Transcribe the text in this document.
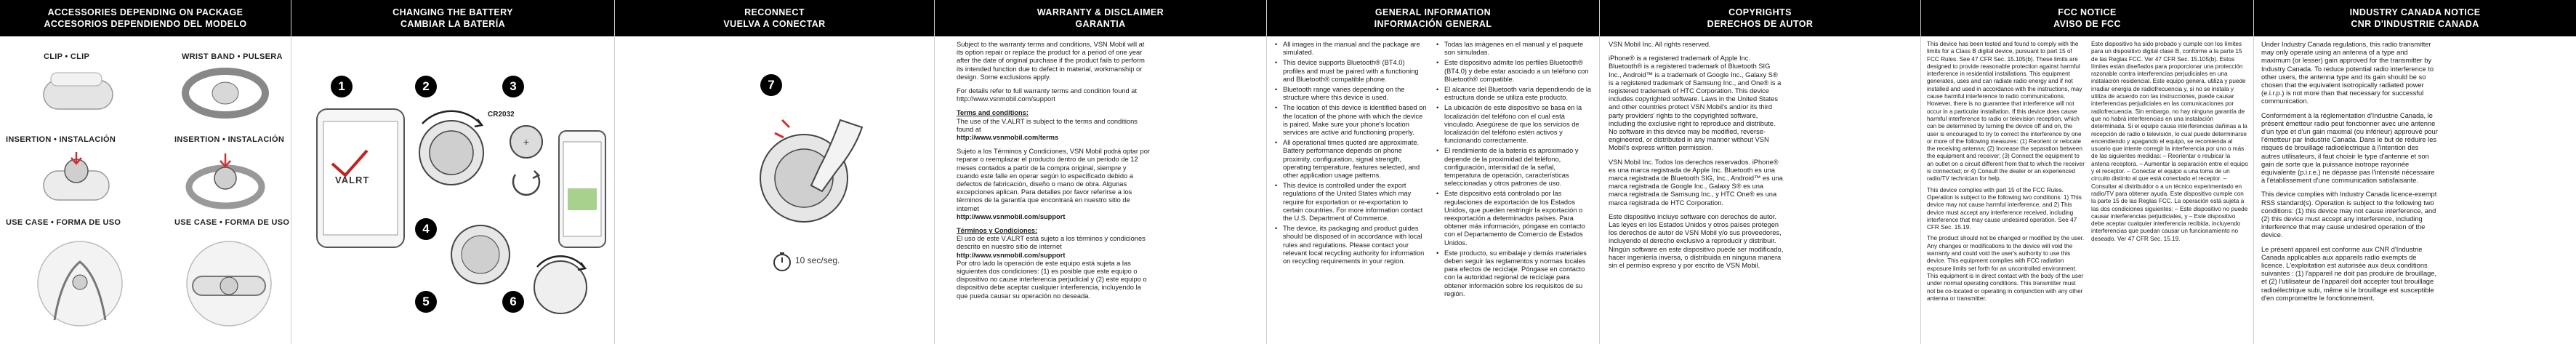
ACCESSORIES DEPENDING ON PACKAGE
ACCESORIOS DEPENDIENDO DEL MODELO
CLIP • CLIP	WRIST BAND • PULSERA
INSERTION • INSTALACIÓN	INSERTION • INSTALACIÓN
USE CASE • FORMA DE USO	USE CASE • FORMA DE USO
CHANGING THE BATTERY
CAMBIAR LA BATERÍA
1	2	3
VALRT
CR2032
+
4
5	6
RECONNECT
VUELVA A CONECTAR
7
10 sec/seg.
WARRANTY & DISCLAIMER
GARANTIA

Subject to the warranty terms and conditions, VSN Mobil will at its option repair or replace the product for a period of one year after the date of original purchase if the product fails to perform its intended function due to defect in material, workmanship or design. Some exclusions apply.

For details refer to full warranty terms and condition found at http://www.vsnmobil.com/support

Terms and conditions:
The use of the V.ALRT is subject to the terms and conditions found at
http://www.vsnmobil.com/terms

Sujeto a los Términos y Condiciones, VSN Mobil podrá optar por reparar o reemplazar el producto dentro de un periodo de 12 meses contados a partir de la compra original, siempre y cuando este falle en operar según lo especificado debido a defectos de fabricación, diseño o mano de obra. Algunas excepciones aplican. Para detalles por favor referirse a los términos de la garantía que encontrará en nuestro sitio de internet
http://www.vsnmobil.com/support

Términos y Condiciones:
El uso de este V.ALRT está sujeto a los términos y condiciones descrito en nuestro sitio de internet
http://www.vsnmobil.com/support
Por otro lado la operación de este equipo está sujeta a las siguientes dos condiciones: (1) es posible que este equipo o dispositivo no cause interferencia perjudicial y (2) este equipo o dispositivo debe aceptar cualquier interferencia, incluyendo la que pueda causar su operación no deseada.

GENERAL INFORMATION
INFORMACIÓN GENERAL
• All images in the manual and the package are simulated.
• This device supports Bluetooth® (BT4.0) profiles and must be paired with a functioning and Bluetooth® compatible phone.
• Bluetooth range varies depending on the structure where this device is used.
• The location of this device is identified based on the location of the phone with which the device is paired. Make sure your phone's location services are active and functioning properly.
• All operational times quoted are approximate. Battery performance depends on phone proximity, configuration, signal strength, operating temperature, features selected, and other application usage patterns.
• This device is controlled under the export regulations of the United States which may require for exportation or re-exportation to certain countries. For more information contact the U.S. Department of Commerce.
• The device, its packaging and product guides should be disposed of in accordance with local rules and regulations. Please contact your relevant local recycling authority for information on recycling requirements in your region.
• Todas las imágenes en el manual y el paquete son simuladas.
• Este dispositivo admite los perfiles Bluetooth® (BT4.0) y debe estar asociado a un teléfono con Bluetooth® compatible.
• El alcance del Bluetooth varía dependiendo de la estructura donde se utiliza este producto.
• La ubicación de este dispositivo se basa en la localización del teléfono con el cual está vinculado. Asegúrese de que los servicios de localización del teléfono estén activos y funcionando correctamente.
• El rendimiento de la batería es aproximado y depende de la proximidad del teléfono, configuración, intensidad de la señal, temperatura de operación, características seleccionadas y otros patrones de uso.
• Este dispositivo está controlado por las regulaciones de exportación de los Estados Unidos, que pueden restringir la exportación o reexportación a determinados países. Para obtener más información, póngase en contacto con el Departamento de Comercio de Estados Unidos.
• Este producto, su embalaje y demás materiales deben seguir las reglamentos y normas locales para efectos de reciclaje. Póngase en contacto con la autoridad regional de reciclaje para obtener información sobre los requisitos de su región.
COPYRIGHTS
DERECHOS DE AUTOR

VSN Mobil Inc. All rights reserved.

iPhone® is a registered trademark of Apple Inc. Bluetooth® is a registered trademark of Bluetooth SIG Inc., Android™ is a trademark of Google Inc., Galaxy S® is a registered trademark of Samsung Inc., and One® is a registered trademark of HTC Corporation. This device includes copyrighted software. Laws in the United States and other countries protect VSN Mobil's and/or its third party providers' rights to the copyrighted software, including the exclusive right to reproduce and distribute. No software in this device may be modified, reverse-engineered, or distributed in any manner without VSN Mobil's express written permission.

VSN Mobil Inc. Todos los derechos reservados. iPhone® es una marca registrada de Apple Inc. Bluetooth es una marca registrada de Bluetooth SIG, Inc., Android™ es una marca registrada de Google Inc., Galaxy S® es una marca registrada de Samsung Inc., y HTC One® es una marca registrada de HTC Corporation.

Este dispositivo incluye software con derechos de autor. Las leyes en los Estados Unidos y otros países protegen los derechos de autor de VSN Mobil y/o sus proveedores, incluyendo el derecho exclusivo a reproducir y distribuir. Ningún software en este dispositivo puede ser modificado, hacer ingeniería inversa, o distribuida en ninguna manera sin el permiso expreso y por escrito de VSN Mobil.

FCC NOTICE
AVISO DE FCC

This device has been tested and found to comply with the limits for a Class B digital device, pursuant to part 15 of FCC Rules. See 47 CFR Sec. 15.105(b). These limits are designed to provide reasonable protection against harmful interference in residential installations. This equipment generates, uses and can radiate radio energy and if not installed and used in accordance with the instructions, may cause harmful interference to radio communications. However, there is no guarantee that interference will not occur in a particular installation. If this device does cause harmful interference to radio or television reception, which can be determined by turning the device off and on, the user is encouraged to try to correct the interference by one or more of the following measures: (1) Reorient or relocate the receiving antenna; (2) Increase the separation between the equipment and receiver; (3) Connect the equipment to an outlet on a circuit different from that to which the receiver is connected; or 4) Consult the dealer or an experienced radio/TV technician for help.

This device complies with part 15 of the FCC Rules. Operation is subject to the following two conditions: 1) This device may not cause harmful interference, and 2) This device must accept any interference received, including interference that may cause undesired operation. See 47 CFR Sec. 15.19.

The product should not be changed or modified by the user. Any changes or modifications to the device will void the warranty and could void the user's authority to use this device. This equipment complies with FCC radiation exposure limits set forth for an uncontrolled environment. This equipment is in direct contact with the body of the user under normal operating conditions. This transmitter must not be co-located or operating in conjunction with any other antenna or transmitter.

Este dispositivo ha sido probado y cumple con los límites para un dispositivo digital clase B, conforme a la parte 15 de las Reglas FCC. Ver 47 CFR Sec. 15.105(b). Estos límites están diseñados para proporcionar una protección razonable contra interferencias perjudiciales en una instalación residencial. Este equipo genera, utiliza y puede irradiar energía de radiofrecuencia y, si no se instala y utiliza de acuerdo con las instrucciones, puede causar interferencias perjudiciales en las comunicaciones por radiofrecuencia. Sin embargo, no hay ninguna garantía de que no habrá interferencias en una instalación determinada. Si el equipo causa interferencias dañinas a la recepción de radio o televisión, lo cual puede determinarse encendiendo y apagando el equipo, se recomienda al usuario que intente corregir la interferencia por uno o más de las siguientes medidas: – Reorientar o reubicar la antena receptora. – Aumentar la separación entre el equipo y el receptor. – Conectar el equipo a una toma de un circuito distinto al que está conectado el receptor. – Consultar al distribuidor o a un técnico experimentado en radio/TV para obtener ayuda. Este dispositivo cumple con la parte 15 de las Reglas FCC. La operación está sujeta a las dos condiciones siguientes: – Este dispositivo no puede causar interferencias perjudiciales, y – Este dispositivo debe aceptar cualquier interferencia recibida, incluyendo interferencias que puedan causar un funcionamiento no deseado. Ver 47 CFR Sec. 15.19.

INDUSTRY CANADA NOTICE
CNR D'INDUSTRIE CANADA

Under Industry Canada regulations, this radio transmitter may only operate using an antenna of a type and maximum (or lesser) gain approved for the transmitter by Industry Canada. To reduce potential radio interference to other users, the antenna type and its gain should be so chosen that the equivalent isotropically radiated power (e.i.r.p.) is not more than that necessary for successful communication.

Conformément à la réglementation d'Industrie Canada, le présent émetteur radio peut fonctionner avec une antenne d'un type et d'un gain maximal (ou inférieur) approuvé pour l'émetteur par Industrie Canada. Dans le but de réduire les risques de brouillage radioélectrique à l'intention des autres utilisateurs, il faut choisir le type d'antenne et son gain de sorte que la puissance isotrope rayonnée équivalente (p.i.r.e.) ne dépasse pas l'intensité nécessaire à l'établissement d'une communication satisfaisante.

This device complies with Industry Canada licence-exempt RSS standard(s). Operation is subject to the following two conditions: (1) this device may not cause interference, and (2) this device must accept any interference, including interference that may cause undesired operation of the device.

Le présent appareil est conforme aux CNR d'Industrie Canada applicables aux appareils radio exempts de licence. L'exploitation est autorisée aux deux conditions suivantes : (1) l'appareil ne doit pas produire de brouillage, et (2) l'utilisateur de l'appareil doit accepter tout brouillage radioélectrique subi, même si le brouillage est susceptible d'en compromettre le fonctionnement.
